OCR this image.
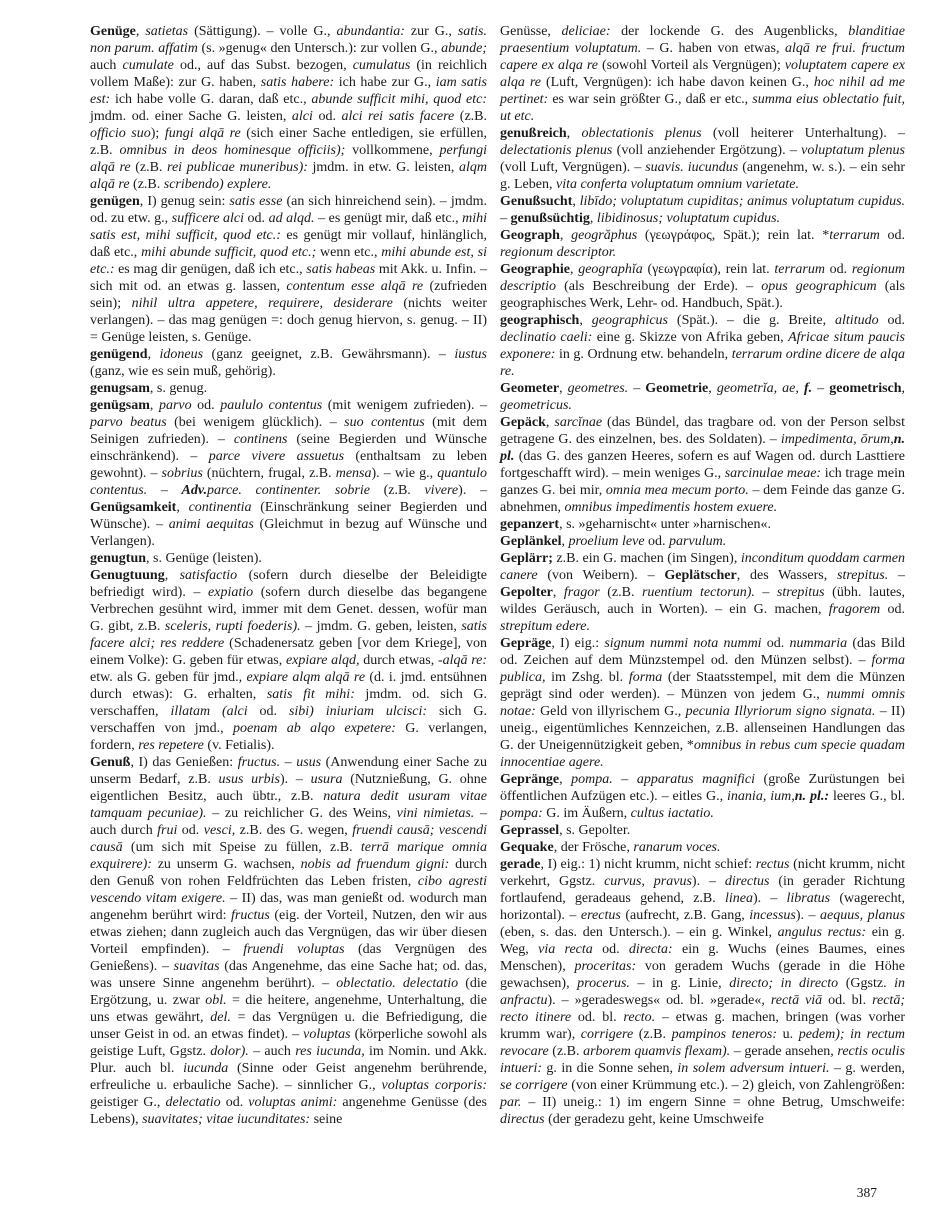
Genüge, satietas (Sättigung). – volle G., abundantia: zur G., satis. non parum. affatim (s. »genug« den Untersch.): zur vollen G., abunde; auch cumulate od., auf das Subst. bezogen, cumulatus (in reichlich vollem Maße): zur G. haben, satis habere: ich habe zur G., iam satis est: ich habe volle G. daran, daß etc., abunde sufficit mihi, quod etc: jmdm. od. einer Sache G. leisten, alci od. alci rei satis facere (z.B. officio suo); fungi alqā re (sich einer Sache entledigen, sie erfüllen, z.B. omnibus in deos hominesque officiis); vollkommene, perfungi alqā re (z.B. rei publicae muneribus): jmdm. in etw. G. leisten, alqm alqā re (z.B. scribendo) explere.

genügen, I) genug sein: satis esse (an sich hinreichend sein). – jmdm. od. zu etw. g., sufficere alci od. ad alqd. – es genügt mir, daß etc., mihi satis est, mihi sufficit, quod etc.: es genügt mir vollauf, hinlänglich, daß etc., mihi abunde sufficit, quod etc.; wenn etc., mihi abunde est, si etc.: es mag dir genügen, daß ich etc., satis habeas mit Akk. u. Infin. – sich mit od. an etwas g. lassen, contentum esse alqā re (zufrieden sein); nihil ultra appetere, requirere, desiderare (nichts weiter verlangen). – das mag genügen =: doch genug hiervon, s. genug. – II) = Genüge leisten, s. Genüge.

genügend, idoneus (ganz geeignet, z.B. Gewährsmann). – iustus (ganz, wie es sein muß, gehörig).

genugsam, s. genug.

genügsam, parvo od. paululo contentus (mit wenigem zufrieden). – parvo beatus (bei wenigem glücklich). – suo contentus (mit dem Seinigen zufrieden). – continens (seine Begierden und Wünsche einschränkend). – parce vivere assuetus (enthaltsam zu leben gewohnt). – sobrius (nüchtern, frugal, z.B. mensa). – wie g., quantulo contentus. – Adv.parce. continenter. sobrie (z.B. vivere). – Genügsamkeit, continentia (Einschränkung seiner Begierden und Wünsche). – animi aequitas (Gleichmut in bezug auf Wünsche und Verlangen).

genugtun, s. Genüge (leisten).

Genugtuung, satisfactio (sofern durch dieselbe der Beleidigte befriedigt wird). – expiatio (sofern durch dieselbe das begangene Verbrechen gesühnt wird, immer mit dem Genet. dessen, wofür man G. gibt, z.B. sceleris, rupti foederis). – jmdm. G. geben, leisten, satis facere alci; res reddere (Schadenersatz geben [vor dem Kriege], von einem Volke): G. geben für etwas, expiare alqd, durch etwas, -alqā re: etw. als G. geben für jmd., expiare alqm alqā re (d. i. jmd. entsühnen durch etwas): G. erhalten, satis fit mihi: jmdm. od. sich G. verschaffen, illatam (alci od. sibi) iniuriam ulcisci: sich G. verschaffen von jmd., poenam ab alqo expetere: G. verlangen, fordern, res repetere (v. Fetialis).

Genuß, I) das Genießen: fructus. – usus (Anwendung einer Sache zu unserm Bedarf, z.B. usus urbis). – usura (Nutznießung, G. ohne eigentlichen Besitz, auch übtr., z.B. natura dedit usuram vitae tamquam pecuniae). – zu reichlicher G. des Weins, vini nimietas. – auch durch frui od. vesci, z.B. des G. wegen, fruendi causā; vescendi causā (um sich mit Speise zu füllen, z.B. terrā marique omnia exquirere): zu unserm G. wachsen, nobis ad fruendum gigni: durch den Genuß von rohen Feldfrüchten das Leben fristen, cibo agresti vescendo vitam exigere. – II) das, was man genießt od. wodurch man angenehm berührt wird: fructus (eig. der Vorteil, Nutzen, den wir aus etwas ziehen; dann zugleich auch das Vergnügen, das wir über diesen Vorteil empfinden). – fruendi voluptas (das Vergnügen des Genießens). – suavitas (das Angenehme, das eine Sache hat; od. das, was unsere Sinne angenehm berührt). – oblectatio. delectatio (die Ergötzung, u. zwar obl. = die heitere, angenehme, Unterhaltung, die uns etwas gewährt, del. = das Vergnügen u. die Befriedigung, die unser Geist in od. an etwas findet). – voluptas (körperliche sowohl als geistige Luft, Ggstz. dolor). – auch res iucunda, im Nomin. und Akk. Plur. auch bl. iucunda (Sinne oder Geist angenehm berührende, erfreuliche u. erbauliche Sache). – sinnlicher G., voluptas corporis: geistiger G., delectatio od. voluptas animi: angenehme Genüsse (des Lebens), suavitates; vitae iucunditates: seine

Genüsse, deliciae: der lockende G. des Augenblicks, blanditiae praesentium voluptatum. – G. haben von etwas, alqā re frui. fructum capere ex alqa re (sowohl Vorteil als Vergnügen); voluptatem capere ex alqa re (Luft, Vergnügen): ich habe davon keinen G., hoc nihil ad me pertinet: es war sein größter G., daß er etc., summa eius oblectatio fuit, ut etc.

genußreich, oblectationis plenus (voll heiterer Unterhaltung). – delectationis plenus (voll anziehender Ergötzung). – voluptatum plenus (voll Luft, Vergnügen). – suavis. iucundus (angenehm, w. s.). – ein sehr g. Leben, vita conferta voluptatum omnium varietate.

Genußsucht, libīdo; voluptatum cupiditas; animus voluptatum cupidus. – genußsüchtig, libidinosus; voluptatum cupidus.

Geograph, geogrăphus (γεωγράφος, Spät.); rein lat. *terrarum od. regionum descriptor.

Geographie, geographĭa (γεωγραφία), rein lat. terrarum od. regionum descriptio (als Beschreibung der Erde). – opus geographicum (als geographisches Werk, Lehr- od. Handbuch, Spät.).

geographisch, geographicus (Spät.). – die g. Breite, altitudo od. declinatio caeli: eine g. Skizze von Afrika geben, Africae situm paucis exponere: in g. Ordnung etw. behandeln, terrarum ordine dicere de alqa re.

Geometer, geometres. – Geometrie, geometrĭa, ae, f. – geometrisch, geometricus.

Gepäck, sarcĭnae (das Bündel, das tragbare od. von der Person selbst getragene G. des einzelnen, bes. des Soldaten). – impedimenta, ōrum,n. pl. (das G. des ganzen Heeres, sofern es auf Wagen od. durch Lasttiere fortgeschafft wird). – mein weniges G., sarcinulae meae: ich trage mein ganzes G. bei mir, omnia mea mecum porto. – dem Feinde das ganze G. abnehmen, omnibus impedimentis hostem exuere.

gepanzert, s. »geharnischt« unter »harnischen«.

Geplänkel, proelium leve od. parvulum.

Geplärr; z.B. ein G. machen (im Singen), inconditum quoddam carmen canere (von Weibern). – Geplätscher, des Wassers, strepitus. – Gepolter, fragor (z.B. ruentium tectorun). – strepitus (übh. lautes, wildes Geräusch, auch in Worten). – ein G. machen, fragorem od. strepitum edere.

Gepräge, I) eig.: signum nummi nota nummi od. nummaria (das Bild od. Zeichen auf dem Münzstempel od. den Münzen selbst). – forma publica, im Zshg. bl. forma (der Staatsstempel, mit dem die Münzen geprägt sind oder werden). – Münzen von jedem G., nummi omnis notae: Geld von illyrischem G., pecunia Illyriorum signo signata. – II) uneig., eigentümliches Kennzeichen, z.B. allenseinen Handlungen das G. der Uneigennützigkeit geben, *omnibus in rebus cum specie quadam innocentiae agere.

Gepränge, pompa. – apparatus magnifici (große Zurüstungen bei öffentlichen Aufzügen etc.). – eitles G., inania, ium,n. pl.: leeres G., bl. pompa: G. im Äußern, cultus iactatio.

Geprassel, s. Gepolter.

Gequake, der Frösche, ranarum voces.

gerade, I) eig.: 1) nicht krumm, nicht schief: rectus (nicht krumm, nicht verkehrt, Ggstz. curvus, pravus). – directus (in gerader Richtung fortlaufend, geradeaus gehend, z.B. linea). – libratus (wagerecht, horizontal). – erectus (aufrecht, z.B. Gang, incessus). – aequus, planus (eben, s. das. den Untersch.). – ein g. Winkel, angulus rectus: ein g. Weg, via recta od. directa: ein g. Wuchs (eines Baumes, eines Menschen), proceritas: von geradem Wuchs (gerade in die Höhe gewachsen), procerus. – in g. Linie, directo; in directo (Ggstz. in anfractu). – »geradeswegs« od. bl. »gerade«, rectā viā od. bl. rectā; recto itinere od. bl. recto. – etwas g. machen, bringen (was vorher krumm war), corrigere (z.B. pampinos teneros: u. pedem); in rectum revocare (z.B. arborem quamvis flexam). – gerade ansehen, rectis oculis intueri: g. in die Sonne sehen, in solem adversum intueri. – g. werden, se corrigere (von einer Krümmung etc.). – 2) gleich, von Zahlengrößen: par. – II) uneig.: 1) im engern Sinne = ohne Betrug, Umschweife: directus (der geradezu geht, keine Umschweife

387
